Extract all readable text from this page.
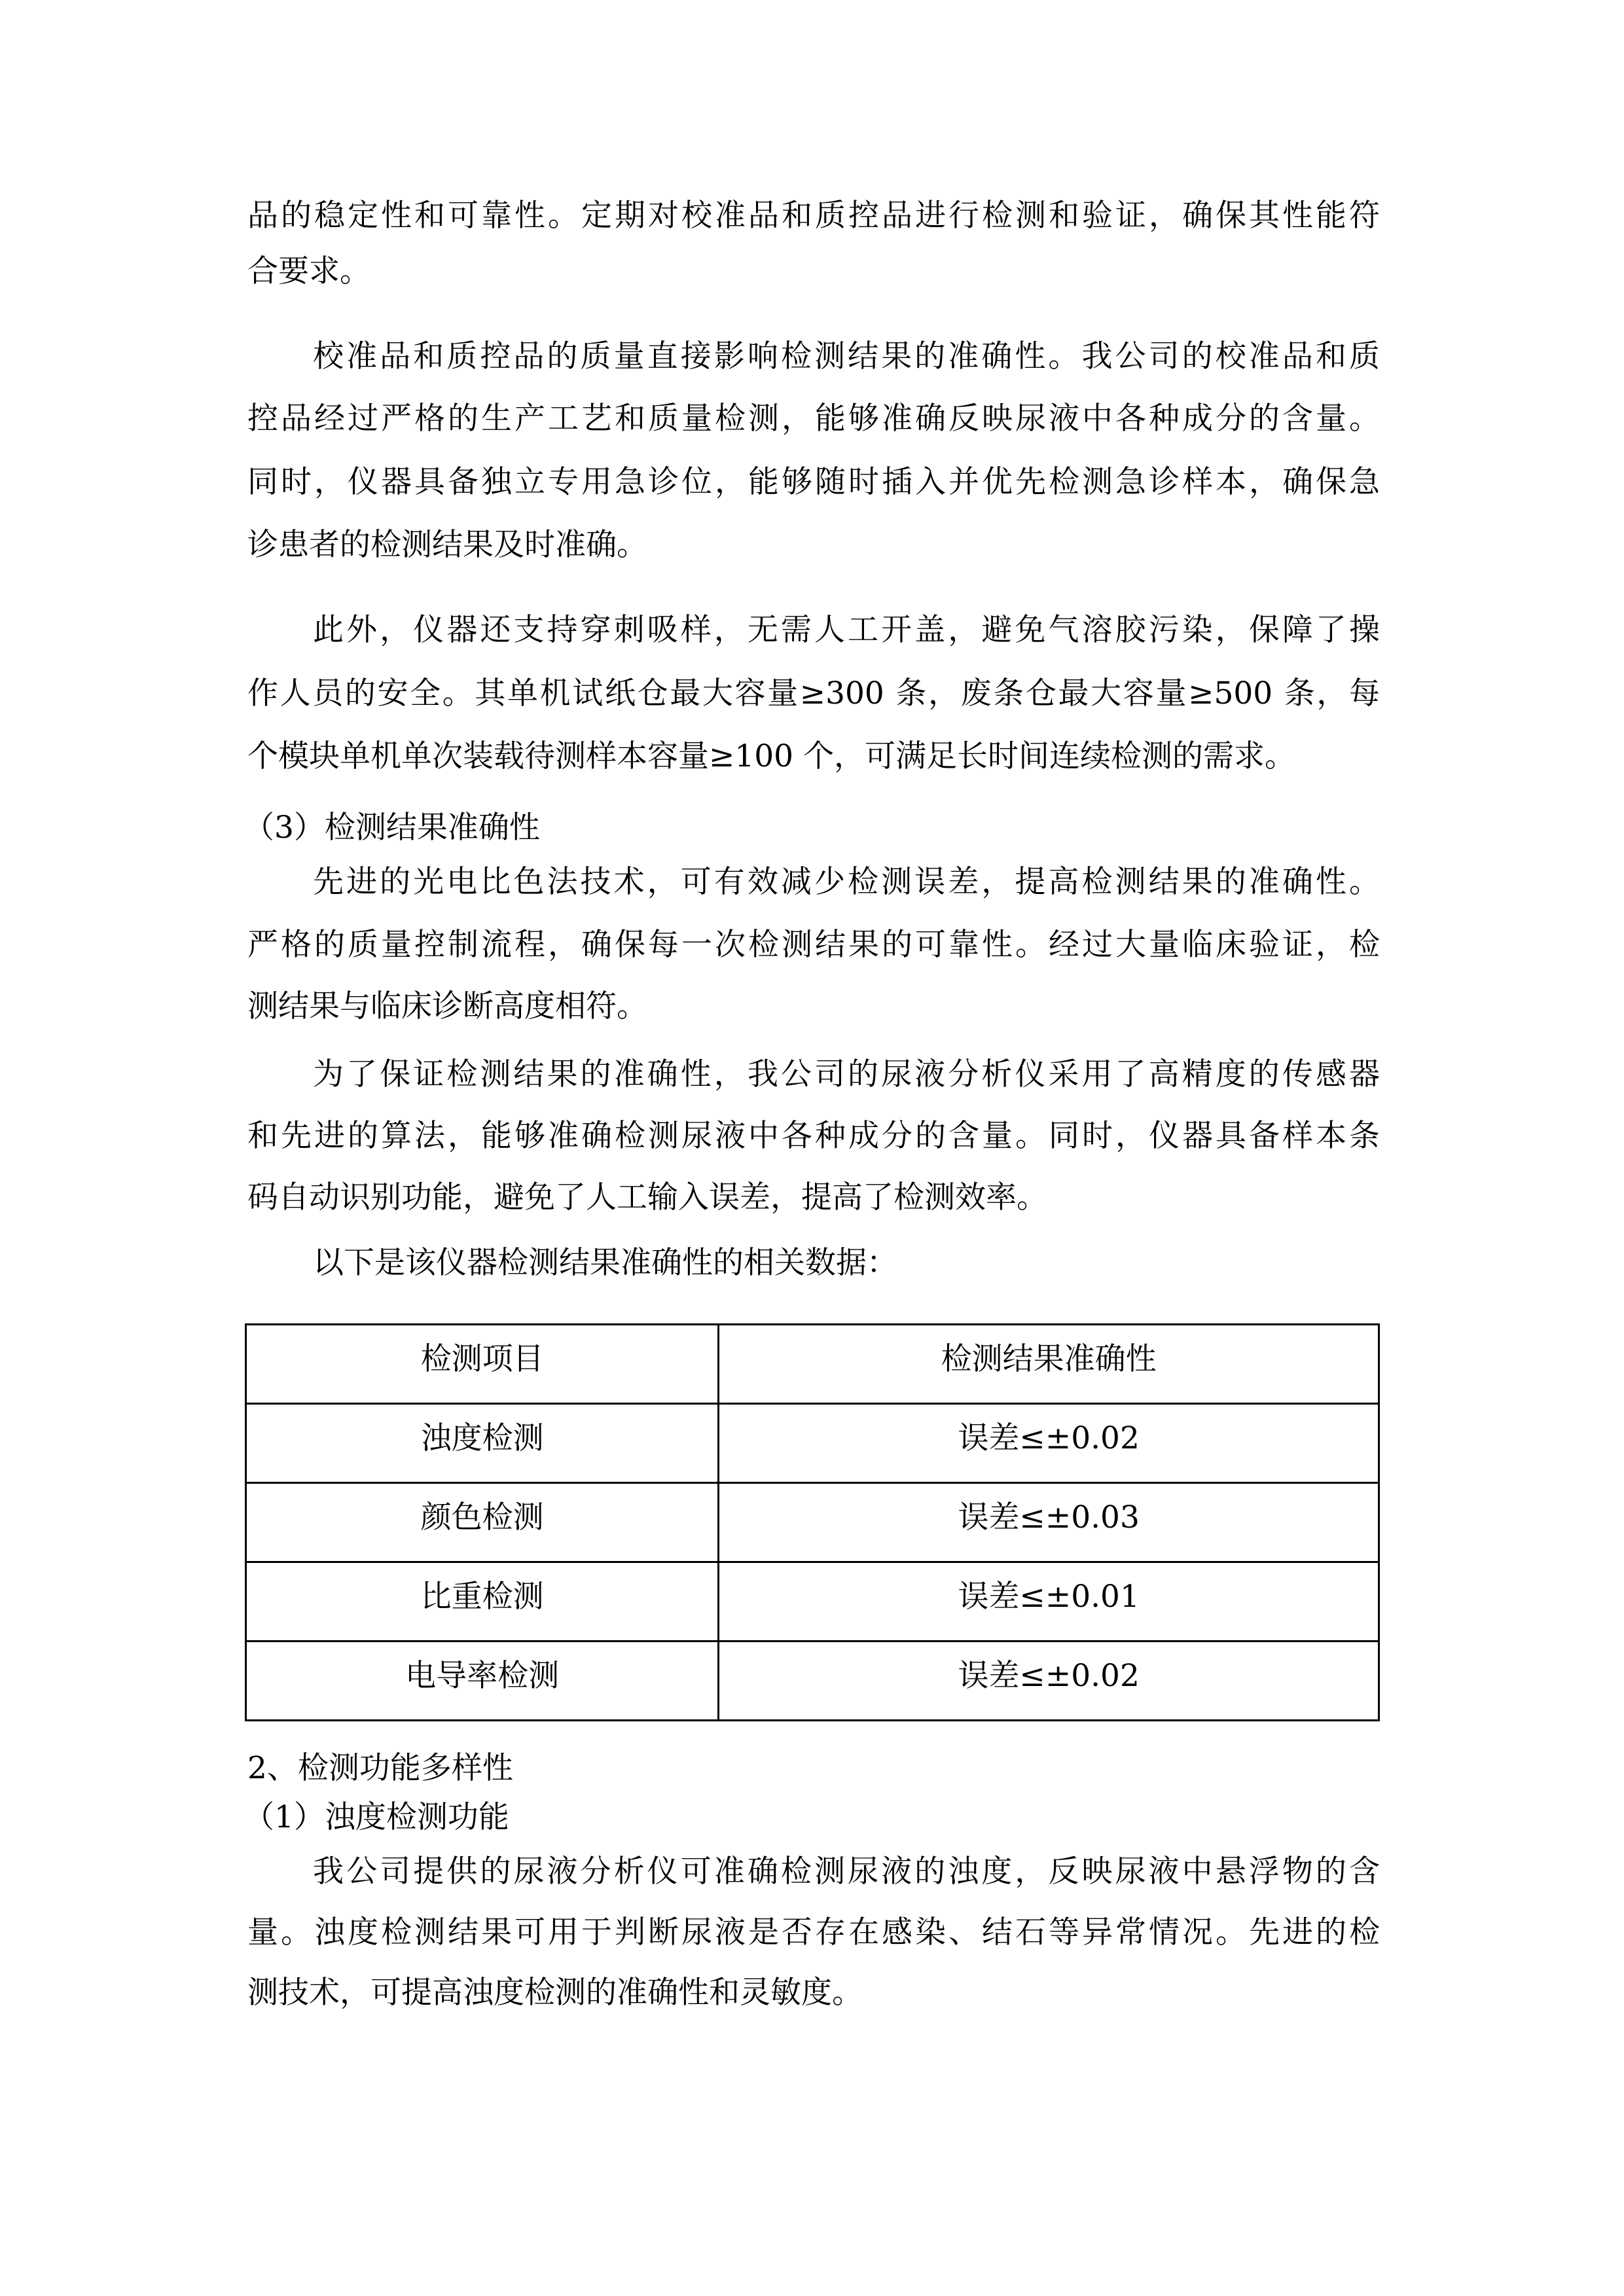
品的稳定性和可靠性。定期对校准品和质控品进行检测和验证，确保其性能符
合要求。
校准品和质控品的质量直接影响检测结果的准确性。我公司的校准品和质
控品经过严格的生产工艺和质量检测，能够准确反映尿液中各种成分的含量。
同时，仪器具备独立专用急诊位，能够随时插入并优先检测急诊样本，确保急
诊患者的检测结果及时准确。
此外，仪器还支持穿刺吸样，无需人工开盖，避免气溶胶污染，保障了操
作人员的安全。其单机试纸仓最大容量≥300 条，废条仓最大容量≥500 条，每
个模块单机单次装载待测样本容量≥100 个，可满足长时间连续检测的需求。
（3）检测结果准确性
先进的光电比色法技术，可有效减少检测误差，提高检测结果的准确性。
严格的质量控制流程，确保每一次检测结果的可靠性。经过大量临床验证，检
测结果与临床诊断高度相符。
为了保证检测结果的准确性，我公司的尿液分析仪采用了高精度的传感器
和先进的算法，能够准确检测尿液中各种成分的含量。同时，仪器具备样本条
码自动识别功能，避免了人工输入误差，提高了检测效率。
以下是该仪器检测结果准确性的相关数据：
检测项目	检测结果准确性

浊度检测	误差≤±0.02

颜色检测	误差≤±0.03

比重检测	误差≤±0.01

电导率检测	误差≤±0.02
2、检测功能多样性
（1）浊度检测功能
我公司提供的尿液分析仪可准确检测尿液的浊度，反映尿液中悬浮物的含
量。浊度检测结果可用于判断尿液是否存在感染、结石等异常情况。先进的检
测技术，可提高浊度检测的准确性和灵敏度。
